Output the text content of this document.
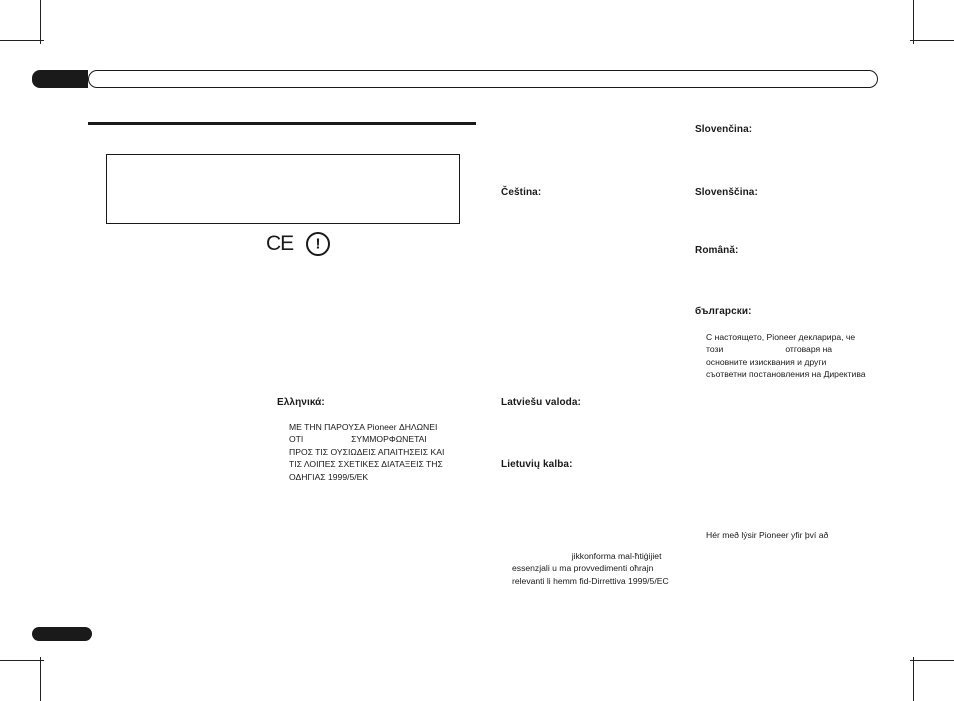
CE !
Ελληνικά:

ΜΕ ΤΗΝ ΠΑΡΟΥΣΑ Pioneer ΔΗΛΩΝΕΙ
ΟΤΙ                    ΣΥΜΜΟΡΦΩΝΕΤΑΙ
ΠΡΟΣ ΤΙΣ ΟΥΣΙΩΔΕΙΣ ΑΠΑΙΤΗΣΕΙΣ ΚΑΙ
ΤΙΣ ΛΟΙΠΕΣ ΣΧΕΤΙΚΕΣ ΔΙΑΤΑΞΕΙΣ ΤΗΣ
ΟΔΗΓΙΑΣ 1999/5/ΕΚ

Čeština:
Latviešu valoda:
Lietuvių kalba:

jikkonforma mal-ħtiġijiet
essenzjali u ma provvedimenti oħrajn
relevanti li hemm fid-Dirrettiva 1999/5/EC

Slovenčina:
Slovenščina:
Română:
български:

С настоящето, Pioneer декларира, че
този                          отговаря на
основните изисквания и други
съответни постановления на Директива

Hér með lýsir Pioneer yfir því að
